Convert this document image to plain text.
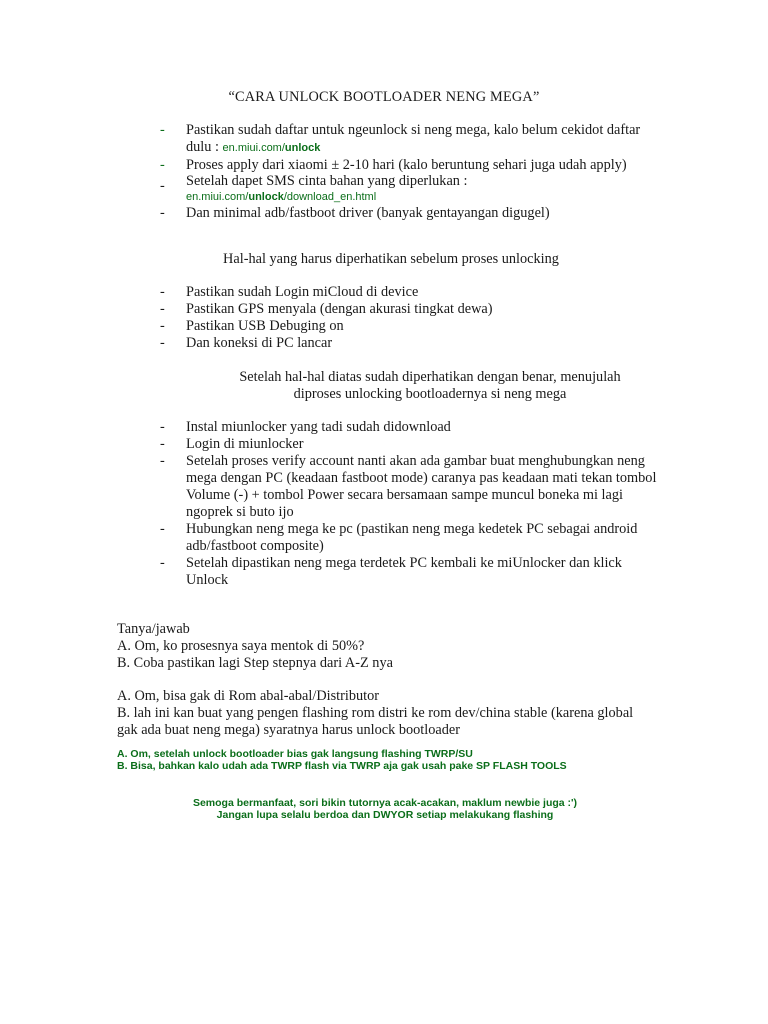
“CARA UNLOCK BOOTLOADER NENG MEGA”
- Pastikan sudah daftar untuk ngeunlock si neng mega, kalo belum cekidot daftar dulu : en.miui.com/unlock
- Proses apply dari xiaomi ± 2-10 hari (kalo beruntung sehari juga udah apply)
- Setelah dapet SMS cinta bahan yang diperlukan :
en.miui.com/unlock/download_en.html
- Dan minimal adb/fastboot driver (banyak gentayangan digugel)
Hal-hal yang harus diperhatikan sebelum proses unlocking
- Pastikan sudah Login miCloud di device
- Pastikan GPS menyala (dengan akurasi tingkat dewa)
- Pastikan USB Debuging on
- Dan koneksi di PC lancar
Setelah hal-hal diatas sudah diperhatikan dengan benar, menujulah
diproses unlocking bootloadernya si neng mega
- Instal miunlocker yang tadi sudah didownload
- Login di miunlocker
- Setelah proses verify account nanti akan ada gambar buat menghubungkan neng mega dengan PC (keadaan fastboot mode) caranya pas keadaan mati tekan tombol Volume (-) + tombol Power secara bersamaan sampe muncul boneka mi lagi ngoprek si buto ijo
- Hubungkan neng mega ke pc (pastikan neng mega kedetek PC sebagai android adb/fastboot composite)
- Setelah dipastikan neng mega terdetek PC kembali ke miUnlocker dan klick Unlock
Tanya/jawab
A. Om, ko prosesnya saya mentok di 50%?
B. Coba pastikan lagi Step stepnya dari A-Z nya
A. Om, bisa gak di Rom abal-abal/Distributor
B. lah ini kan buat yang pengen flashing rom distri ke rom dev/china stable (karena global gak ada buat neng mega) syaratnya harus unlock bootloader
A. Om, setelah unlock bootloader bias gak langsung flashing TWRP/SU
B. Bisa, bahkan kalo udah ada TWRP flash via TWRP aja gak usah pake SP FLASH TOOLS
Semoga bermanfaat, sori bikin tutornya acak-acakan, maklum newbie juga :')
Jangan lupa selalu berdoa dan DWYOR setiap melakukang flashing
